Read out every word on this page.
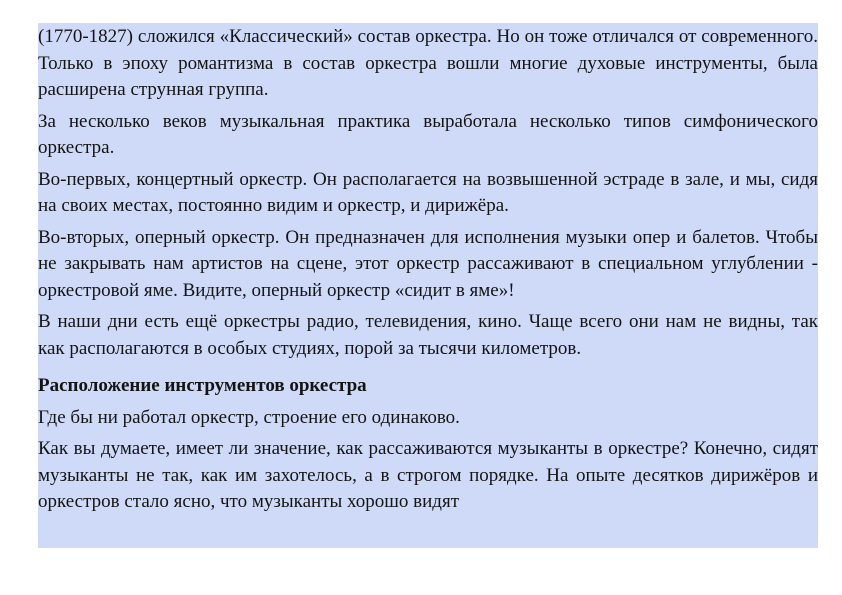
(1770-1827) сложился «Классический» состав оркестра. Но он тоже отличался от современного. Только в эпоху романтизма в состав оркестра вошли многие духовые инструменты, была расширена струнная группа.

За несколько веков музыкальная практика выработала несколько типов симфонического оркестра.

Во-первых, концертный оркестр. Он располагается на возвышенной эстраде в зале, и мы, сидя на своих местах, постоянно видим и оркестр, и дирижёра.

Во-вторых, оперный оркестр. Он предназначен для исполнения музыки опер и балетов. Чтобы не закрывать нам артистов на сцене, этот оркестр рассаживают в специальном углублении - оркестровой яме. Видите, оперный оркестр «сидит в яме»!

В наши дни есть ещё оркестры радио, телевидения, кино. Чаще всего они нам не видны, так как располагаются в особых студиях, порой за тысячи километров.

Расположение инструментов оркестра

Где бы ни работал оркестр, строение его одинаково.

Как вы думаете, имеет ли значение, как рассаживаются музыканты в оркестре? Конечно, сидят музыканты не так, как им захотелось, а в строгом порядке. На опыте десятков дирижёров и оркестров стало ясно, что музыканты хорошо видят
